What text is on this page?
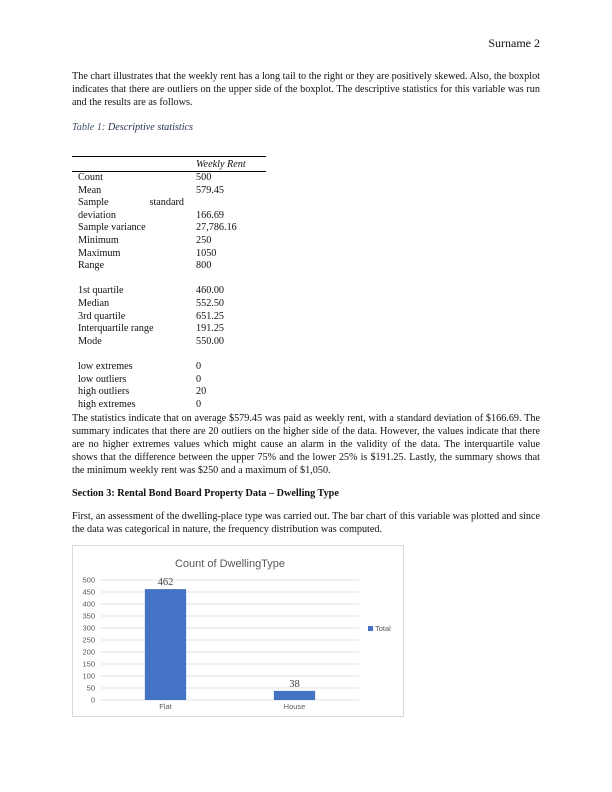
Surname 2

The chart illustrates that the weekly rent has a long tail to the right or they are positively skewed. Also, the boxplot indicates that there are outliers on the upper side of the boxplot. The descriptive statistics for this variable was run and the results are as follows.

Table 1: Descriptive statistics
	Weekly Rent
Count	500
Mean	579.45

Sample standard	

deviation	166.69
Sample variance	27,786.16
Minimum	250
Maximum	1050
Range	800

1st quartile	460.00
Median	552.50
3rd quartile	651.25
Interquartile range	191.25
Mode	550.00

low extremes	0
low outliers	0
high outliers	20
high extremes	0

The statistics indicate that on average $579.45 was paid as weekly rent, with a standard deviation of $166.69. The summary indicates that there are 20 outliers on the higher side of the data. However, the values indicate that there are no higher extremes values which might cause an alarm in the validity of the data. The interquartile value shows that the difference between the upper 75% and the lower 25% is $191.25. Lastly, the summary shows that the minimum weekly rent was $250 and a maximum of $1,050.

Section 3: Rental Bond Board Property Data – Dwelling Type

First, an assessment of the dwelling-place type was carried out. The bar chart of this variable was plotted and since the data was categorical in nature, the frequency distribution was computed.

Count of DwellingType
0
50
100
150
200
250
300
350
400
450
500	462
Flat
38
House
Total
